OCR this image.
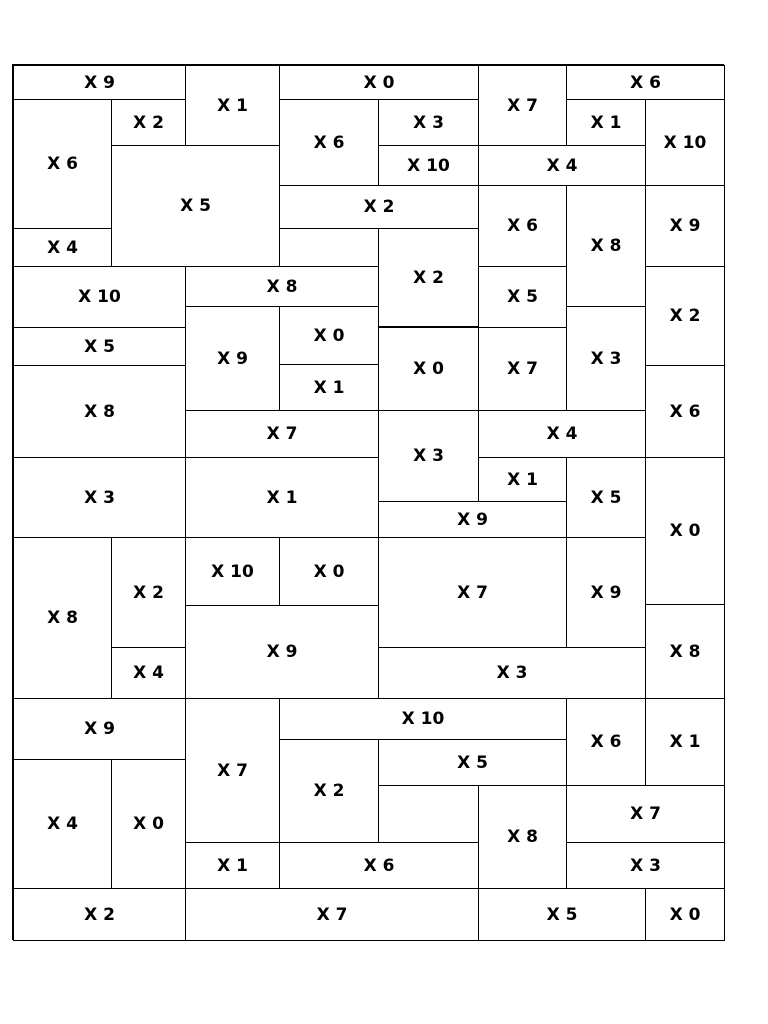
X 9
X 1
X 0
X 7
X 6
X 6
X 2
X 6
X 3	X 1
X 10
X 10	X 4
X 5	X 2
X 6
X 8
X 9
X 4
X 2
X 10
X 8
X 5
X 2
X 9
X 0
X 3
X 5
X 0	X 7
X 1
X 8	X 6
X 7
X 3
X 4
X 3	X 1
X 1
X 5
X 0
X 9
X 8
X 2
X 10	X 0
X 7	X 9
X 9	X 8
X 4	X 3
X 9
X 7
X 10
X 6	X 1
X 5
X 4	X 0
X 2
X 8
X 7
X 1	X 6	X 3
X 2	X 7	X 5	X 0
